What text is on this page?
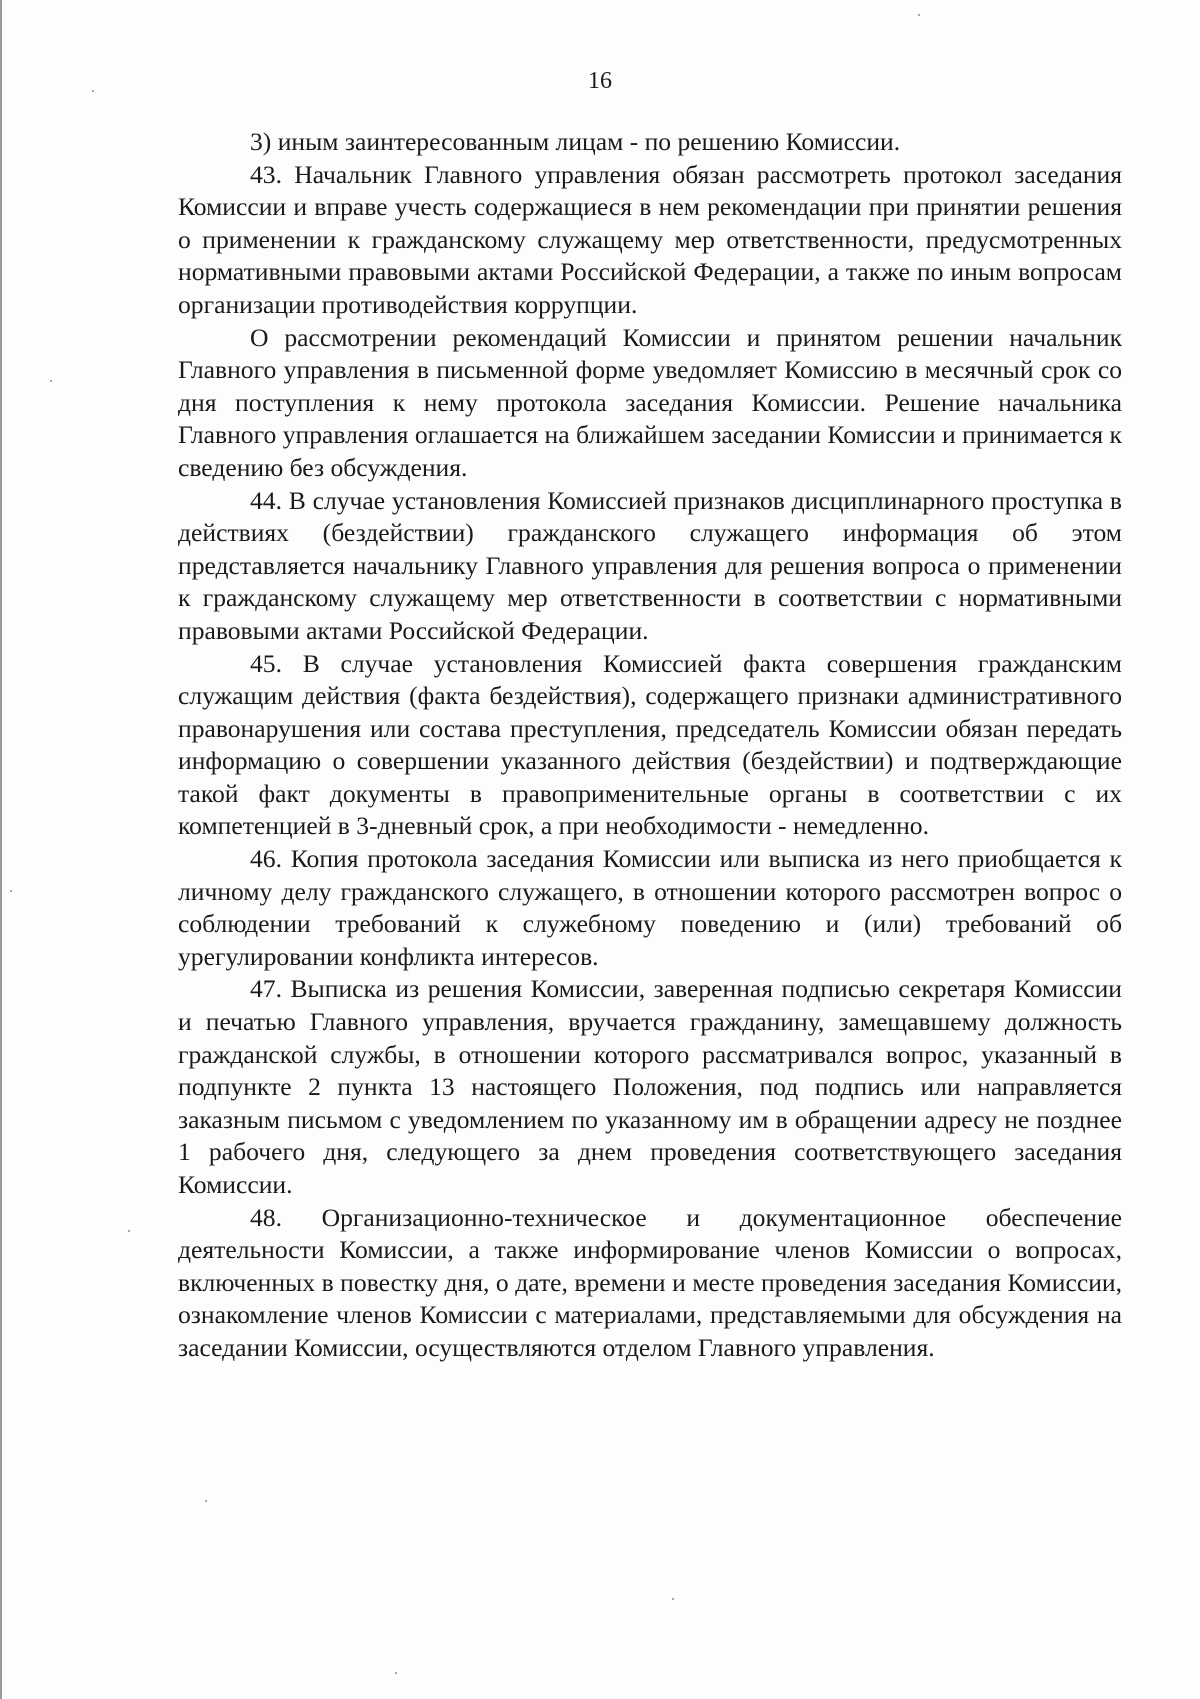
16

3) иным заинтересованным лицам - по решению Комиссии.

43. Начальник Главного управления обязан рассмотреть протокол заседания Комиссии и вправе учесть содержащиеся в нем рекомендации при принятии решения о применении к гражданскому служащему мер ответственности, предусмотренных нормативными правовыми актами Российской Федерации, а также по иным вопросам организации противодействия коррупции.

О рассмотрении рекомендаций Комиссии и принятом решении начальник Главного управления в письменной форме уведомляет Комиссию в месячный срок со дня поступления к нему протокола заседания Комиссии. Решение начальника Главного управления оглашается на ближайшем заседании Комиссии и принимается к сведению без обсуждения.

44. В случае установления Комиссией признаков дисциплинарного проступка в действиях (бездействии) гражданского служащего информация об этом представляется начальнику Главного управления для решения вопроса о применении к гражданскому служащему мер ответственности в соответствии с нормативными правовыми актами Российской Федерации.

45. В случае установления Комиссией факта совершения гражданским служащим действия (факта бездействия), содержащего признаки административного правонарушения или состава преступления, председатель Комиссии обязан передать информацию о совершении указанного действия (бездействии) и подтверждающие такой факт документы в правоприменительные органы в соответствии с их компетенцией в 3-дневный срок, а при необходимости - немедленно.

46. Копия протокола заседания Комиссии или выписка из него приобщается к личному делу гражданского служащего, в отношении которого рассмотрен вопрос о соблюдении требований к служебному поведению и (или) требований об урегулировании конфликта интересов.

47. Выписка из решения Комиссии, заверенная подписью секретаря Комиссии и печатью Главного управления, вручается гражданину, замещавшему должность гражданской службы, в отношении которого рассматривался вопрос, указанный в подпункте 2 пункта 13 настоящего Положения, под подпись или направляется заказным письмом с уведомлением по указанному им в обращении адресу не позднее 1 рабочего дня, следующего за днем проведения соответствующего заседания Комиссии.

48. Организационно-техническое и документационное обеспечение деятельности Комиссии, а также информирование членов Комиссии о вопросах, включенных в повестку дня, о дате, времени и месте проведения заседания Комиссии, ознакомление членов Комиссии с материалами, представляемыми для обсуждения на заседании Комиссии, осуществляются отделом Главного управления.
